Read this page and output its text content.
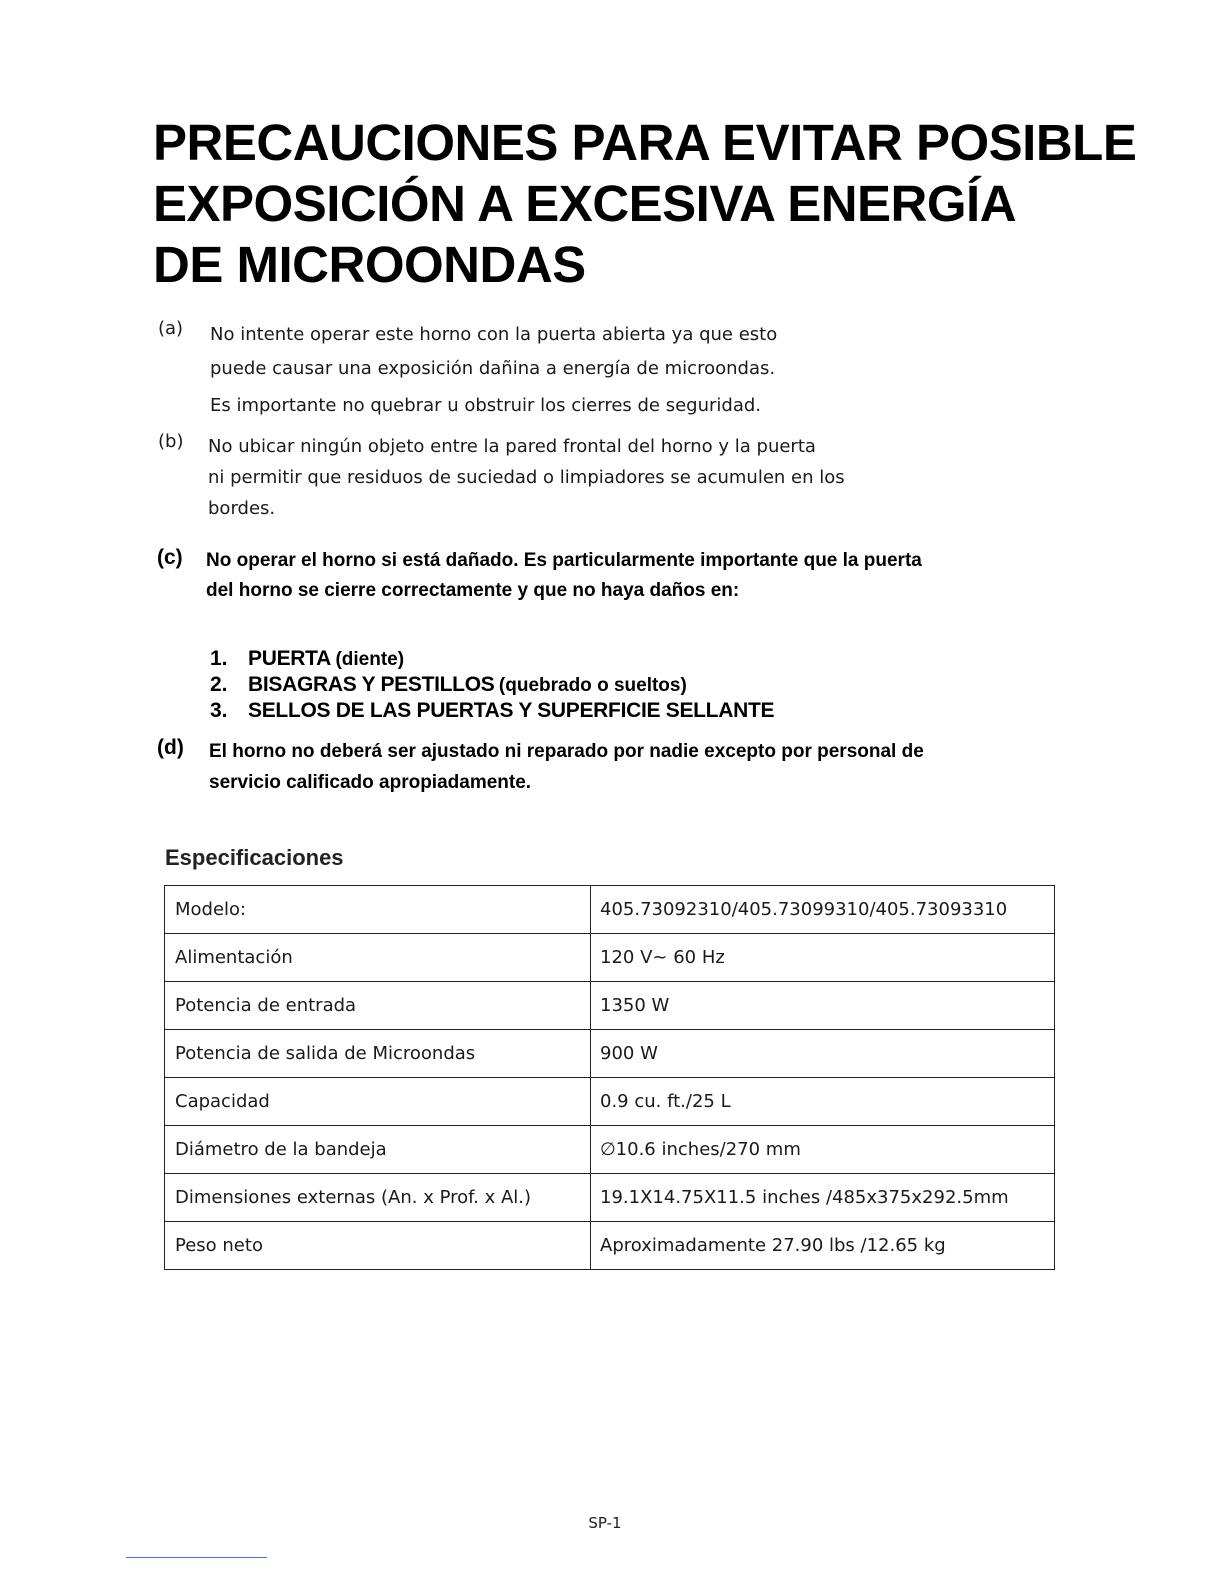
PRECAUCIONES PARA EVITAR POSIBLE
EXPOSICIÓN A EXCESIVA ENERGÍA
DE MICROONDAS
(a) No intente operar este horno con la puerta abierta ya que esto
puede causar una exposición dañina a energía de microondas.
Es importante no quebrar u obstruir los cierres de seguridad.
(b) No ubicar ningún objeto entre la pared frontal del horno y la puerta
ni permitir que residuos de suciedad o limpiadores se acumulen en los
bordes.
(c) No operar el horno si está dañado. Es particularmente importante que la puerta del horno se cierre correctamente y que no haya daños en:
1. PUERTA (diente)
2. BISAGRAS Y PESTILLOS (quebrado o sueltos)
3. SELLOS DE LAS PUERTAS Y SUPERFICIE SELLANTE
(d) El horno no deberá ser ajustado ni reparado por nadie excepto por personal de servicio calificado apropiadamente.
Especificaciones
Modelo:	405.73092310/405.73099310/405.73093310
Alimentación	120 V~ 60 Hz
Potencia de entrada	1350 W
Potencia de salida de Microondas	900 W
Capacidad	0.9 cu. ft./25 L
Diámetro de la bandeja	∅10.6 inches/270 mm
Dimensiones externas (An. x Prof. x Al.)	19.1X14.75X11.5 inches /485x375x292.5mm
Peso neto	Aproximadamente 27.90 lbs /12.65 kg
SP-1
